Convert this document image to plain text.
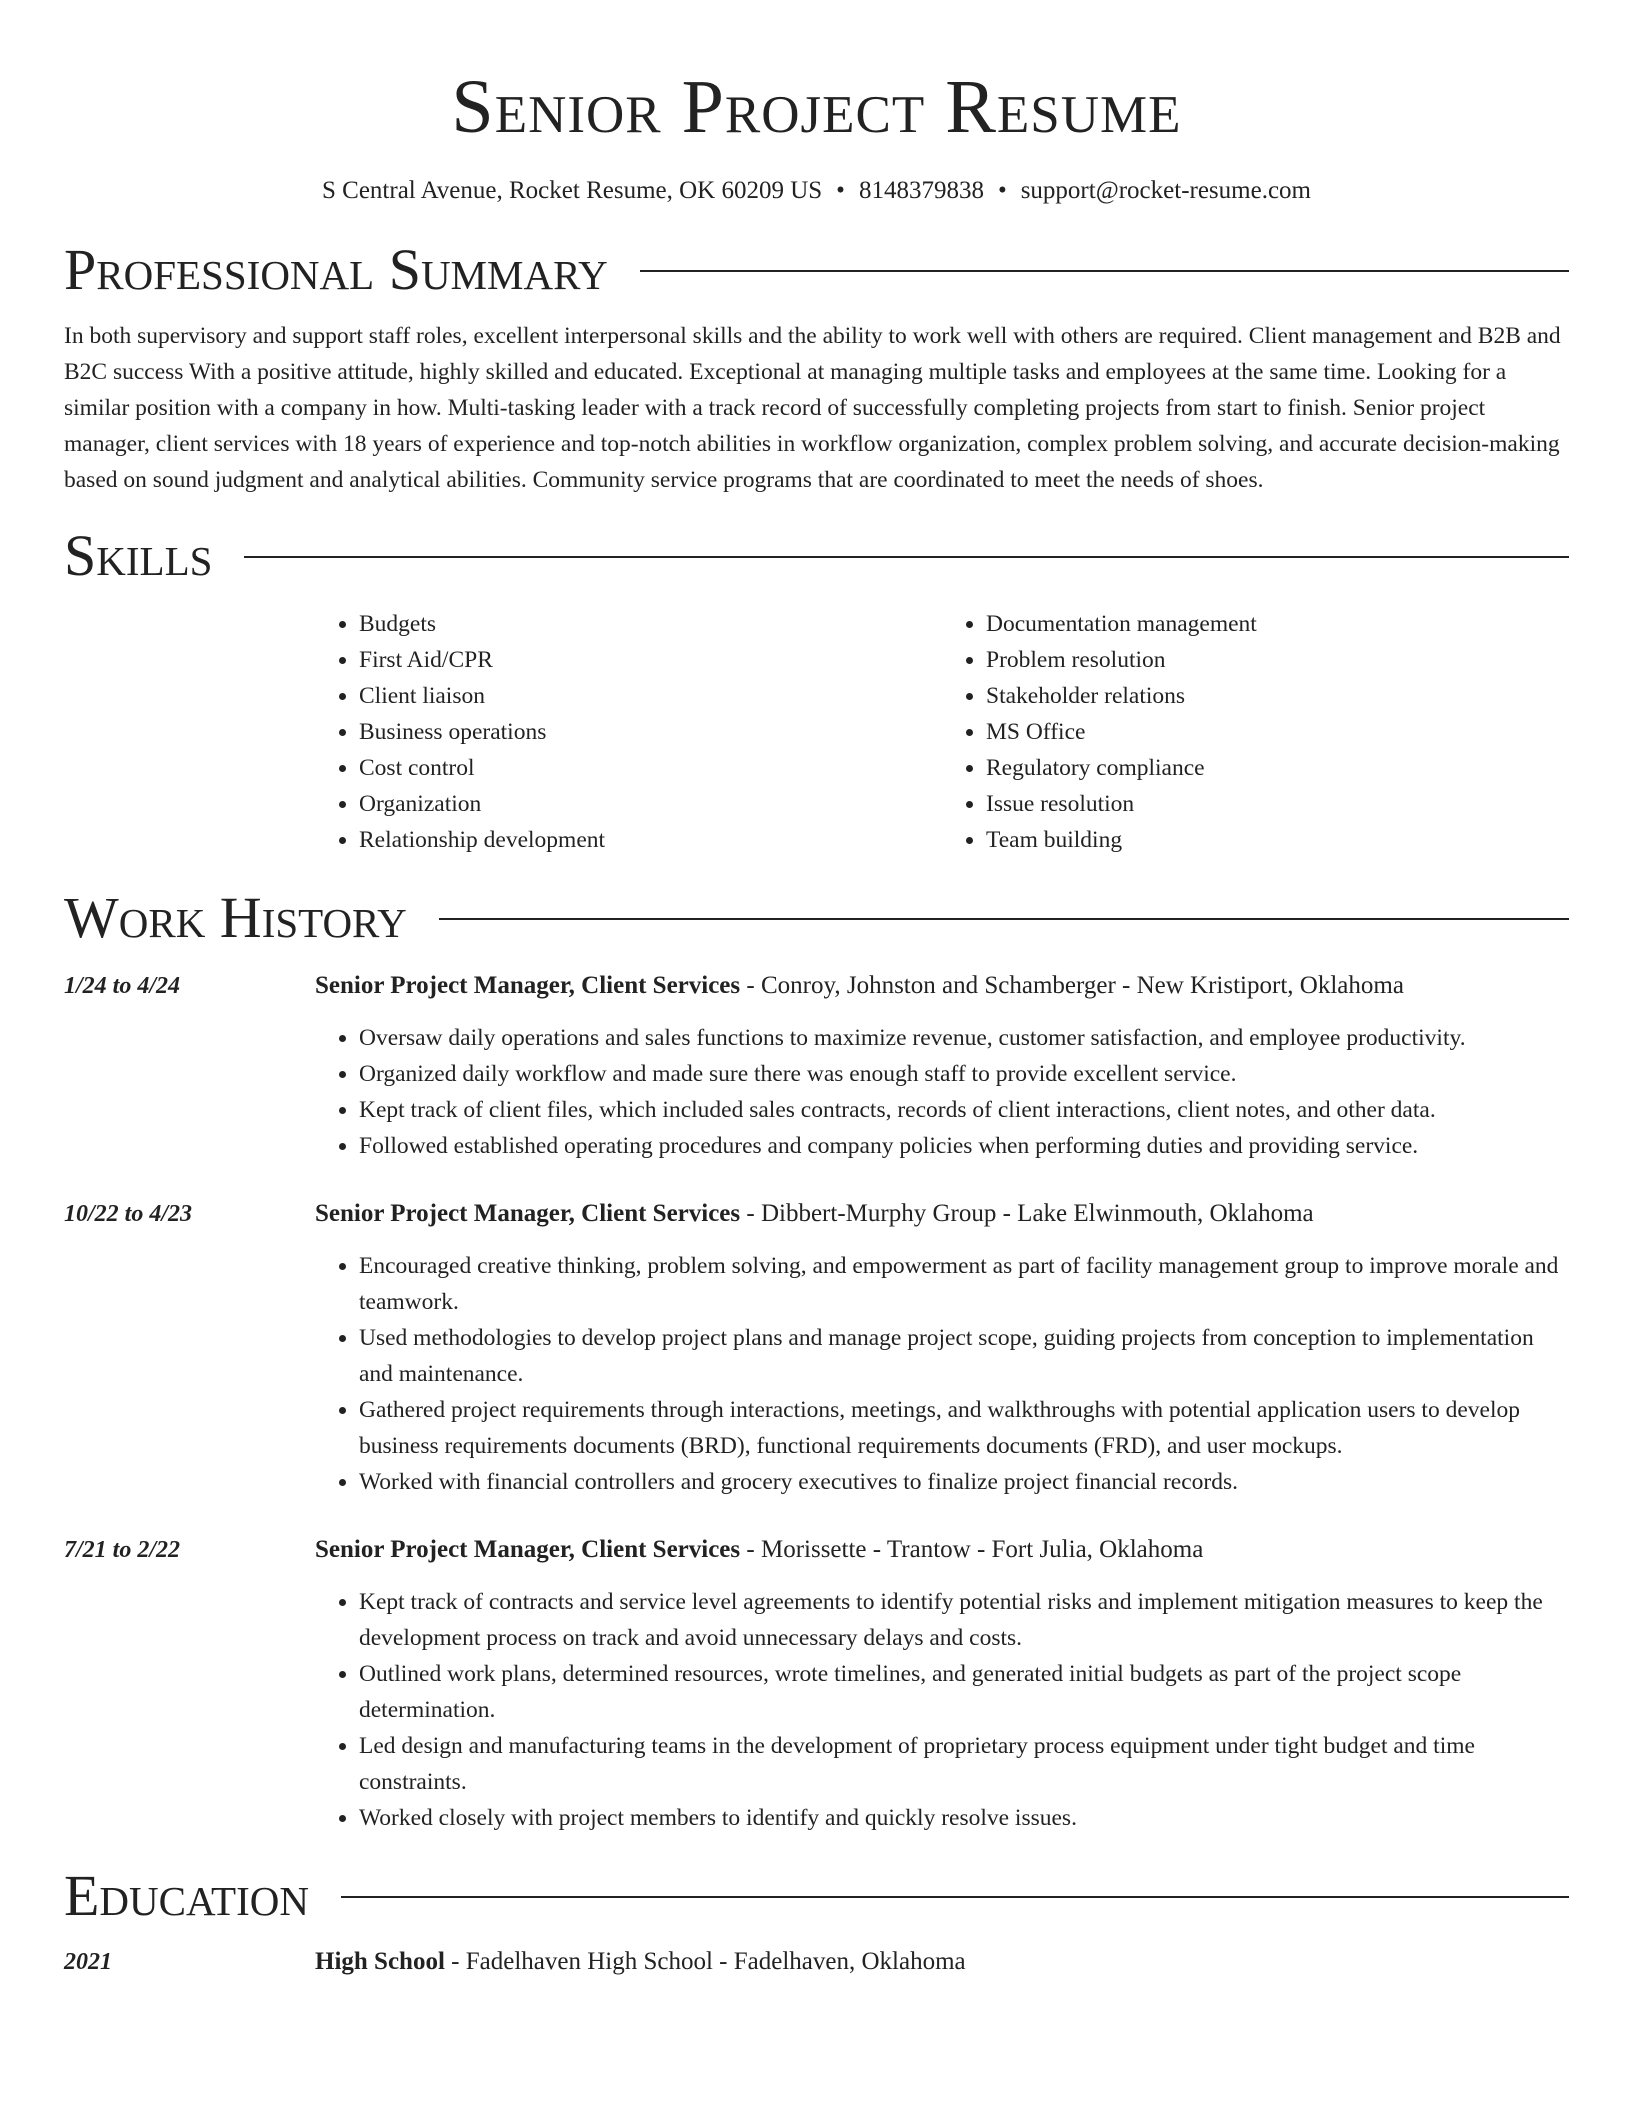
Senior Project Resume
S Central Avenue, Rocket Resume, OK 60209 US • 8148379838 • support@rocket-resume.com
Professional Summary

In both supervisory and support staff roles, excellent interpersonal skills and the ability to work well with others are required. Client management and B2B and B2C success With a positive attitude, highly skilled and educated. Exceptional at managing multiple tasks and employees at the same time. Looking for a similar position with a company in how. Multi-tasking leader with a track record of successfully completing projects from start to finish. Senior project manager, client services with 18 years of experience and top-notch abilities in workflow organization, complex problem solving, and accurate decision-making based on sound judgment and analytical abilities. Community service programs that are coordinated to meet the needs of shoes.

Skills
• Budgets
• First Aid/CPR
• Client liaison
• Business operations
• Cost control
• Organization
• Relationship development
• Documentation management
• Problem resolution
• Stakeholder relations
• MS Office
• Regulatory compliance
• Issue resolution
• Team building
Work History
1/24 to 4/24	Senior Project Manager, Client Services - Conroy, Johnston and Schamberger - New Kristiport, Oklahoma
• Oversaw daily operations and sales functions to maximize revenue, customer satisfaction, and employee productivity.
• Organized daily workflow and made sure there was enough staff to provide excellent service.
• Kept track of client files, which included sales contracts, records of client interactions, client notes, and other data.
• Followed established operating procedures and company policies when performing duties and providing service.
10/22 to 4/23	Senior Project Manager, Client Services - Dibbert-Murphy Group - Lake Elwinmouth, Oklahoma
• Encouraged creative thinking, problem solving, and empowerment as part of facility management group to improve morale and teamwork.
• Used methodologies to develop project plans and manage project scope, guiding projects from conception to implementation and maintenance.
• Gathered project requirements through interactions, meetings, and walkthroughs with potential application users to develop business requirements documents (BRD), functional requirements documents (FRD), and user mockups.
• Worked with financial controllers and grocery executives to finalize project financial records.
7/21 to 2/22	Senior Project Manager, Client Services - Morissette - Trantow - Fort Julia, Oklahoma
• Kept track of contracts and service level agreements to identify potential risks and implement mitigation measures to keep the development process on track and avoid unnecessary delays and costs.
• Outlined work plans, determined resources, wrote timelines, and generated initial budgets as part of the project scope determination.
• Led design and manufacturing teams in the development of proprietary process equipment under tight budget and time constraints.
• Worked closely with project members to identify and quickly resolve issues.
Education
2021	High School - Fadelhaven High School - Fadelhaven, Oklahoma
